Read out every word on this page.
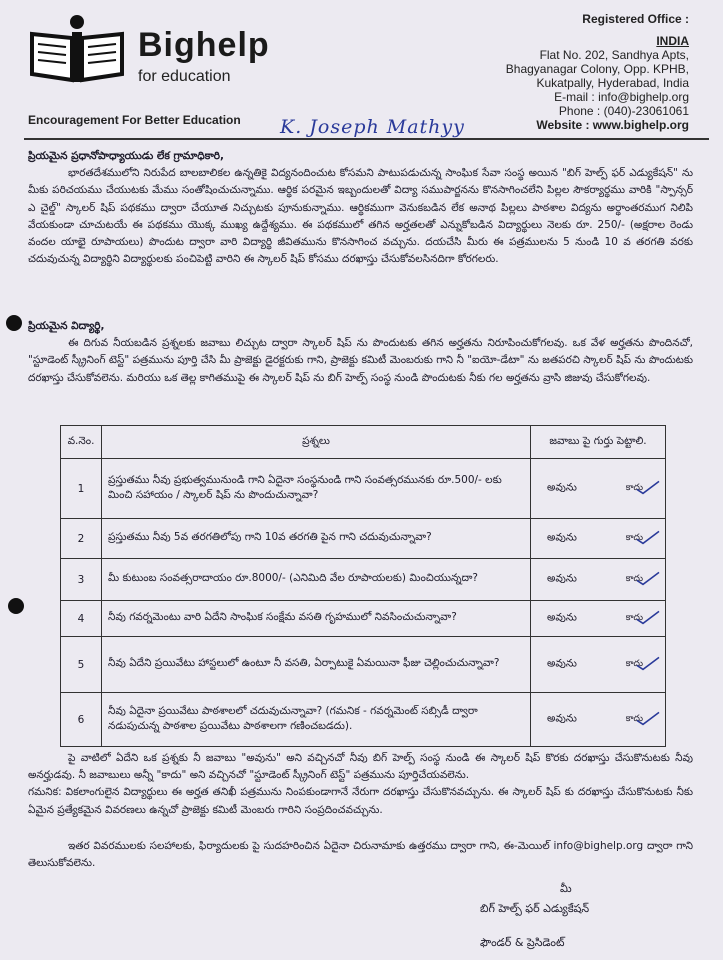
Bighelp
for education
Encouragement For Better Education K. Joseph Mathyy
Registered Office :
INDIA
Flat No. 202, Sandhya Apts,
Bhagyanagar Colony, Opp. KPHB,
Kukatpally, Hyderabad, India
E-mail : info@bighelp.org
Phone : (040)-23061061
Website : www.bighelp.org
ప్రియమైన ప్రధానోపాధ్యాయుడు లేక గ్రామాధికారి,
భారతదేశములోని నిరుపేద బాలబాలికల ఉన్నతికై విద్యనందించుట కోసమని పాటుపడుచున్న సాంఘిక సేవా సంస్థ అయిన "బిగ్ హెల్ప్ ఫర్ ఎడ్యుకేషన్" ను మీకు పరిచయము చేయుటకు మేము సంతోషించుచున్నాము. ఆర్థిక పరమైన ఇబ్బందులతో విద్యా సముపార్జనను కొనసాగించలేని పిల్లల సౌకర్యార్థము వారికి "స్పాన్సర్ ఎ చైల్డ్" స్కాలర్ షిప్ పథకము ద్వారా చేయూత నిచ్చుటకు పూనుకున్నాము. ఆర్థికముగా వెనుకబడిన లేక అనాథ పిల్లలు పాఠశాల విద్యను అర్థాంతరముగ నిలిపి వేయకుండా చూచుటయే ఈ పథకము యొక్క ముఖ్య ఉద్దేశ్యము. ఈ పథకములో తగిన అర్హతలతో ఎన్నుకోబడిన విద్యార్థులు నెలకు రూ. 250/- (అక్షరాల రెండు వందల యాభై రూపాయలు) పొందుట ద్వారా వారి విద్యార్థి జీవితమును కొనసాగించ వచ్చును. దయచేసి మీరు ఈ పత్రములను 5 నుండి 10 వ తరగతి వరకు చదువుచున్న విద్యార్థిని విద్యార్థులకు పంచిపెట్టి వారిని ఈ స్కాలర్ షిప్ కోసము దరఖాస్తు చేసుకోవలసినదిగా కోరగలరు.
ప్రియమైన విద్యార్థి,
ఈ దిగువ నీయబడిన ప్రశ్నలకు జవాబు లిచ్చుట ద్వారా స్కాలర్ షిప్ ను పొందుటకు తగిన అర్హతను నిరూపించుకోగలవు. ఒక వేళ అర్హతను పొందినచో, "స్టూడెంట్ స్క్రీనింగ్ టెస్ట్" పత్రమును పూర్తి చేసి మీ ప్రాజెక్టు డైరక్టరుకు గాని, ప్రాజెక్టు కమిటీ మెంబరుకు గాని నీ "ఐయో-డేటా" ను జతపరచి స్కాలర్ షిప్ ను పొందుటకు దరఖాస్తు చేసుకోవలెను. మరియు ఒక తెల్ల కాగితముపై ఈ స్కాలర్ షిప్ ను బిగ్ హెల్ప్ సంస్థ నుండి పొందుటకు నీకు గల అర్హతను వ్రాసి జిజువు చేసుకోగలవు.
వ.నెం.	ప్రశ్నలు	జవాబు పై గుర్తు పెట్టాలి.
1	ప్రస్తుతము నీవు ప్రభుత్వమునుండి గాని ఏదైనా సంస్థనుండి గాని సంవత్సరమునకు రూ.500/- లకు మించి సహాయం / స్కాలర్ షిప్ ను పొందుచున్నావా?	అవును కాదు

2	ప్రస్తుతము నీవు 5వ తరగతిలోపు గాని 10వ తరగతి పైన గాని చదువుచున్నావా?	అవును కాదు

3	మీ కుటుంబ సంవత్సరాదాయం రూ.8000/- (ఎనిమిది వేల రూపాయలకు) మించియున్నదా?	అవును కాదు

4	నీవు గవర్నమెంటు వారి ఏదేని సాంఘిక సంక్షేమ వసతి గృహములో నివసించుచున్నావా?	అవును కాదు

5	నీవు ఏదేని ప్రయివేటు హాస్టలులో ఉంటూ నీ వసతి, ఏర్పాటుకై ఏమయినా ఫీజు చెల్లించుచున్నావా?	అవును కాదు

6	నీవు ఏదైనా ప్రయివేటు పాఠశాలలో చదువుచున్నావా? (గమనిక - గవర్నమెంట్ సబ్సిడీ ద్వారా నడుపుచున్న పాఠశాల ప్రయివేటు పాఠశాలగా గణించబడదు).	అవును కాదు
పై వాటిలో ఏదేని ఒక ప్రశ్నకు నీ జవాబు "అవును" అని వచ్చినచో నీవు బిగ్ హెల్ప్ సంస్థ నుండి ఈ స్కాలర్ షిప్ కొరకు దరఖాస్తు చేసుకొనుటకు నీవు అనర్హుడవు. నీ జవాబులు అన్నీ "కాదు" అని వచ్చినచో "స్టూడెంట్ స్క్రీనింగ్ టెస్ట్" పత్రమును పూర్తిచేయవలెను.
గమనిక: వికలాంగులైన విద్యార్థులు ఈ అర్హత తనిఖీ పత్రమును నింపకుండాగానే నేరుగా దరఖాస్తు చేసుకొనవచ్చును. ఈ స్కాలర్ షిప్ కు దరఖాస్తు చేసుకొనుటకు నీకు ఏమైన ప్రత్యేకమైన వివరణలు ఉన్నచో ప్రాజెక్టు కమిటీ మెంబరు గారిని సంప్రదించవచ్చును.
ఇతర వివరములకు సలహాలకు, ఫిర్యాదులకు పై సుదహరించిన ఏదైనా చిరునామాకు ఉత్తరము ద్వారా గాని, ఈ-మెయిల్ info@bighelp.org ద్వారా గాని తెలుసుకోవలెను.
మీ
బిగ్ హెల్ప్ ఫర్ ఎడ్యుకేషన్
ఫౌండర్ & ప్రెసిడెంట్
